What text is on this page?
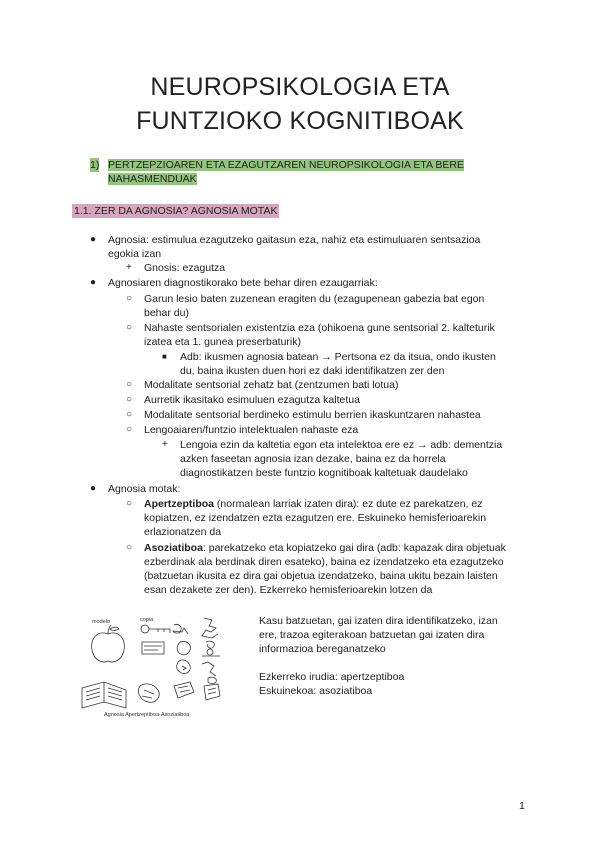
NEUROPSIKOLOGIA ETA
FUNTZIOKO KOGNITIBOAK
1) PERTZEPZIOAREN ETA EZAGUTZAREN NEUROPSIKOLOGIA ETA BERE
NAHASMENDUAK
1.1. ZER DA AGNOSIA? AGNOSIA MOTAK
● Agnosia: estimulua ezagutzeko gaitasun eza, nahiz eta estimuluaren sentsazioa
egokia izan
+ Gnosis: ezagutza
● Agnosiaren diagnostikorako bete behar diren ezaugarriak:
○ Garun lesio baten zuzenean eragiten du (ezagupenean gabezia bat egon
behar du)
○ Nahaste sentsorialen existentzia eza (ohikoena gune sentsorial 2. kalteturik
izatea eta 1. gunea preserbaturik)
■ Adb: ikusmen agnosia batean → Pertsona ez da itsua, ondo ikusten
du, baina ikusten duen hori ez daki identifikatzen zer den
○ Modalitate sentsorial zehatz bat (zentzumen bati lotua)
○ Aurretik ikasitako esimuluen ezagutza kaltetua
○ Modalitate sentsorial berdineko estimulu berrien ikaskuntzaren nahastea
○ Lengoaiaren/funtzio intelektualen nahaste eza
+ Lengoia ezin da kaltetia egon eta intelektoa ere ez → adb: dementzia
azken faseetan agnosia izan dezake, baina ez da horrela
diagnostikatzen beste funtzio kognitiboak kaltetuak daudelako
● Agnosia motak:
○ Apertzeptiboa (normalean larriak izaten dira): ez dute ez parekatzen, ez
kopiatzen, ez izendatzen ezta ezagutzen ere. Eskuineko hemisferioarekin
erlazionatzen da
○ Asoziatiboa: parekatzeko eta kopiatzeko gai dira (adb: kapazak dira objetuak
ezberdinak ala berdinak diren esateko), baina ez izendatzeko eta ezagutzeko
(batzuetan ikusita ez dira gai objetua izendatzeko, baina ukitu bezain laisten
esan dezakete zer den). Ezkerreko hemisferioarekin lotzen da
Kasu batzuetan, gai izaten dira identifikatzeko, izan
ere, trazoa egiterakoan batzuetan gai izaten dira
informazioa bereganatzeko
Ezkerreko irudia: apertzeptiboa
Eskuinekoa: asoziatiboa
modelo	copia
Agnosia Apertzeptiboa-Asoziatiboa
1
